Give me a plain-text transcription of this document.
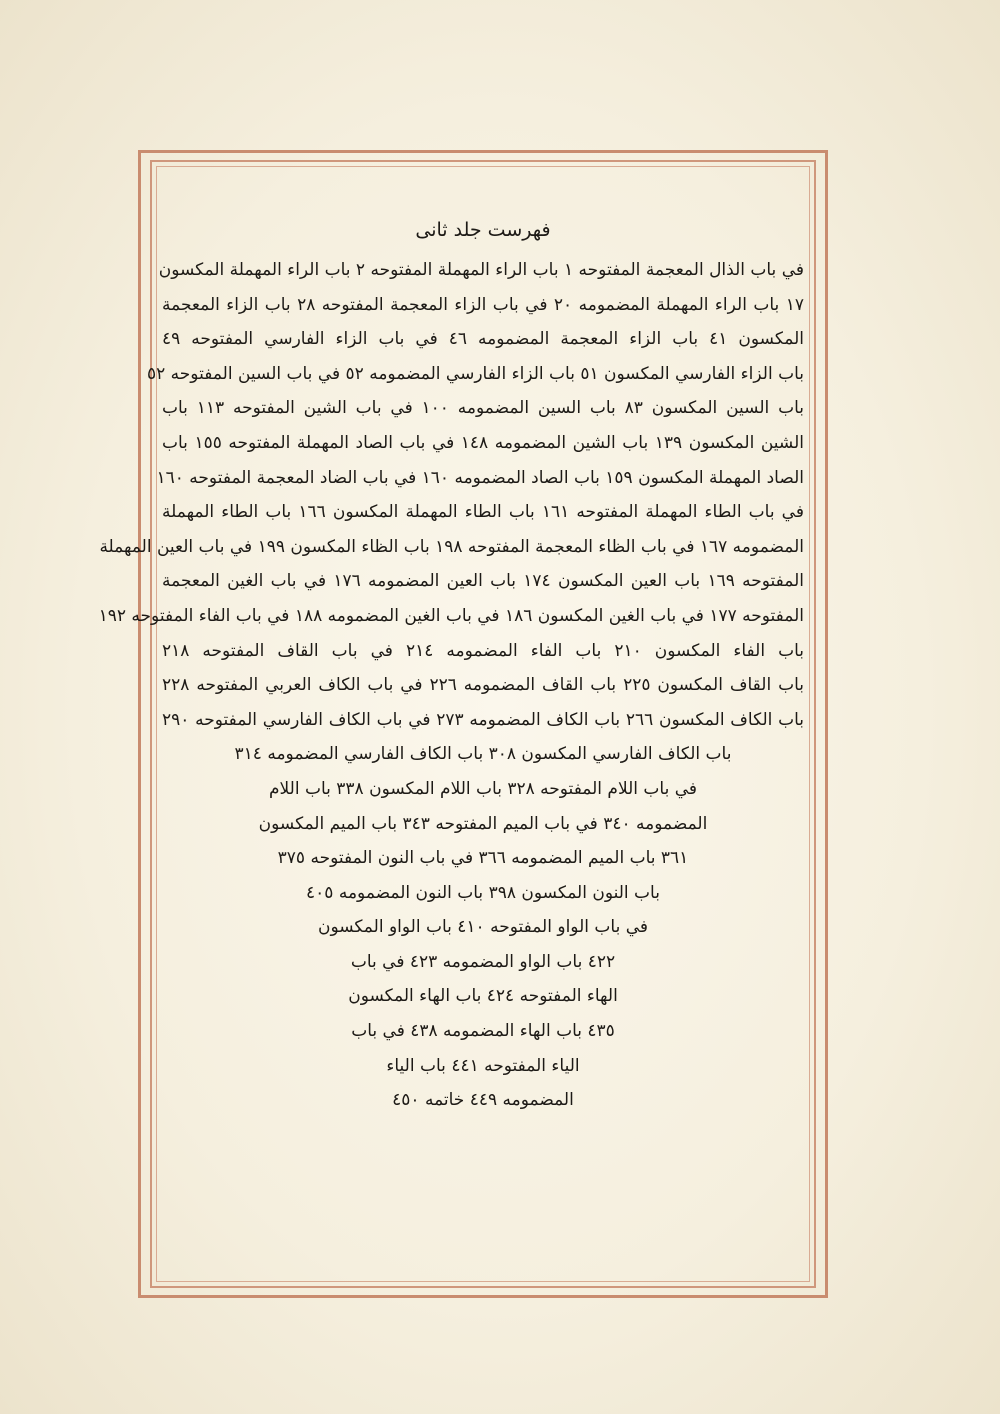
فهرست جلد ثانی
في باب الذال المعجمة المفتوحه ١ باب الراء المهملة المفتوحه ٢ باب الراء المهملة المكسون
١٧ باب الراء المهملة المضمومه ٢٠ في باب الزاء المعجمة المفتوحه ٢٨ باب الزاء المعجمة
المكسون ٤١ باب الزاء المعجمة المضمومه ٤٦ في باب الزاء الفارسي المفتوحه ٤٩
باب الزاء الفارسي المكسون ٥١ باب الزاء الفارسي المضمومه ٥٢ في باب السين المفتوحه ٥٢
باب السين المكسون ٨٣ باب السين المضمومه ١٠٠ في باب الشين المفتوحه ١١٣ باب
الشين المكسون ١٣٩ باب الشين المضمومه ١٤٨ في باب الصاد المهملة المفتوحه ١٥٥ باب
الصاد المهملة المكسون ١٥٩ باب الصاد المضمومه ١٦٠ في باب الضاد المعجمة المفتوحه ١٦٠
في باب الطاء المهملة المفتوحه ١٦١ باب الطاء المهملة المكسون ١٦٦ باب الطاء المهملة
المضمومه ١٦٧ في باب الظاء المعجمة المفتوحه ١٩٨ باب الظاء المكسون ١٩٩ في باب العين المهملة
المفتوحه ١٦٩ باب العين المكسون ١٧٤ باب العين المضمومه ١٧٦ في باب الغين المعجمة
المفتوحه ١٧٧ في باب الغين المكسون ١٨٦ في باب الغين المضمومه ١٨٨ في باب الفاء المفتوحه ١٩٢
باب الفاء المكسون ٢١٠ باب الفاء المضمومه ٢١٤ في باب القاف المفتوحه ٢١٨
باب القاف المكسون ٢٢٥ باب القاف المضمومه ٢٢٦ في باب الكاف العربي المفتوحه ٢٢٨
باب الكاف المكسون ٢٦٦ باب الكاف المضمومه ٢٧٣ في باب الكاف الفارسي المفتوحه ٢٩٠
باب الكاف الفارسي المكسون ٣٠٨ باب الكاف الفارسي المضمومه ٣١٤
في باب اللام المفتوحه ٣٢٨ باب اللام المكسون ٣٣٨ باب اللام
المضمومه ٣٤٠ في باب الميم المفتوحه ٣٤٣ باب الميم المكسون
٣٦١ باب الميم المضمومه ٣٦٦ في باب النون المفتوحه ٣٧٥
باب النون المكسون ٣٩٨ باب النون المضمومه ٤٠٥
في باب الواو المفتوحه ٤١٠ باب الواو المكسون
٤٢٢ باب الواو المضمومه ٤٢٣ في باب
الهاء المفتوحه ٤٢٤ باب الهاء المكسون
٤٣٥ باب الهاء المضمومه ٤٣٨ في باب
الياء المفتوحه ٤٤١ باب الياء
المضمومه ٤٤٩ خاتمه ٤٥٠
